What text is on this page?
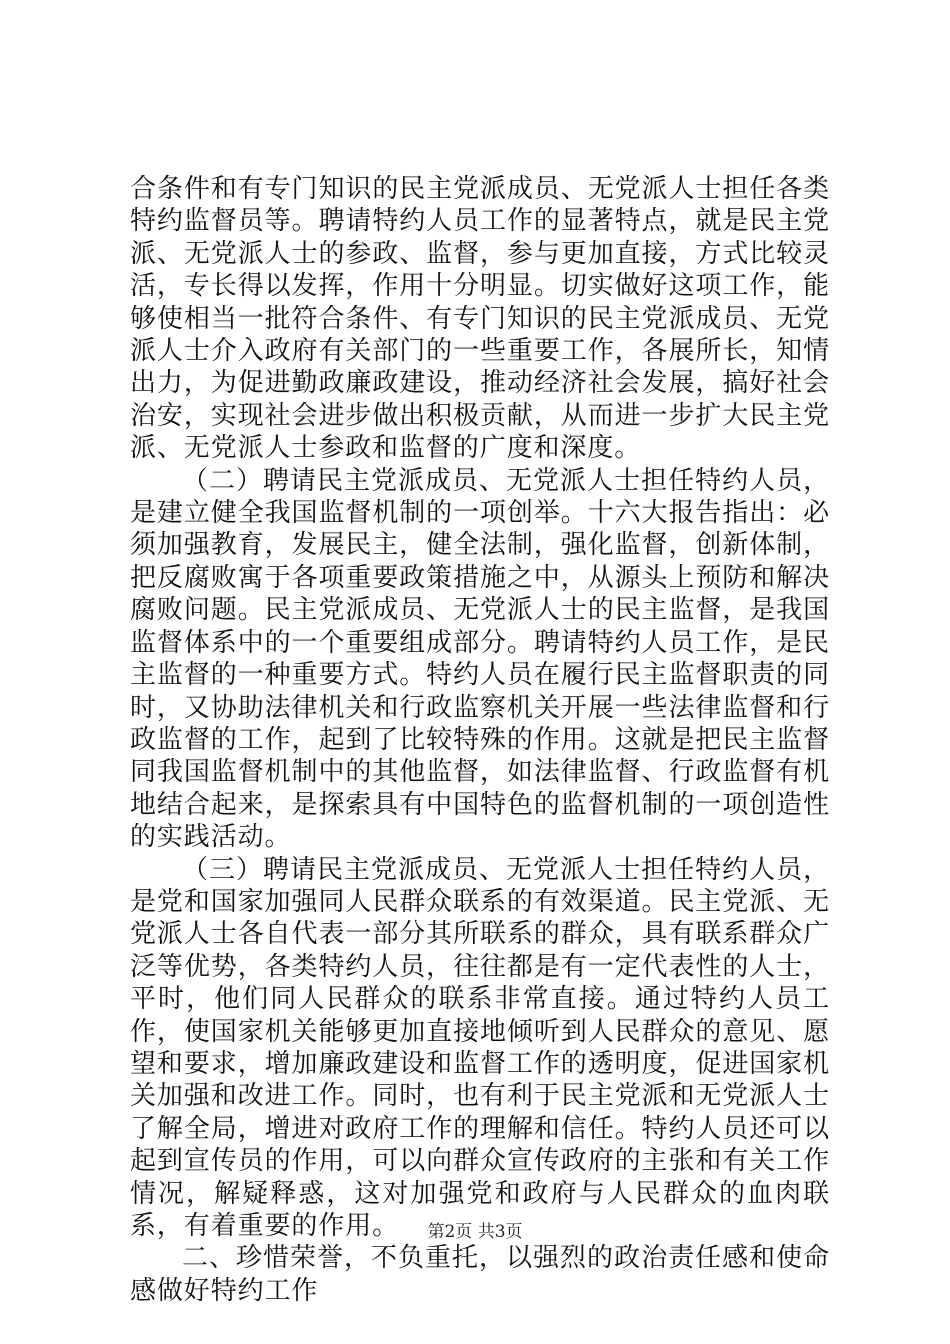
合条件和有专门知识的民主党派成员、无党派人士担任各类特约监督员等。聘请特约人员工作的显著特点，就是民主党派、无党派人士的参政、监督，参与更加直接，方式比较灵活，专长得以发挥，作用十分明显。切实做好这项工作，能够使相当一批符合条件、有专门知识的民主党派成员、无党派人士介入政府有关部门的一些重要工作，各展所长，知情出力，为促进勤政廉政建设，推动经济社会发展，搞好社会治安，实现社会进步做出积极贡献，从而进一步扩大民主党派、无党派人士参政和监督的广度和深度。

（二）聘请民主党派成员、无党派人士担任特约人员，是建立健全我国监督机制的一项创举。十六大报告指出：必须加强教育，发展民主，健全法制，强化监督，创新体制，把反腐败寓于各项重要政策措施之中，从源头上预防和解决腐败问题。民主党派成员、无党派人士的民主监督，是我国监督体系中的一个重要组成部分。聘请特约人员工作，是民主监督的一种重要方式。特约人员在履行民主监督职责的同时，又协助法律机关和行政监察机关开展一些法律监督和行政监督的工作，起到了比较特殊的作用。这就是把民主监督同我国监督机制中的其他监督，如法律监督、行政监督有机地结合起来，是探索具有中国特色的监督机制的一项创造性的实践活动。

（三）聘请民主党派成员、无党派人士担任特约人员，是党和国家加强同人民群众联系的有效渠道。民主党派、无党派人士各自代表一部分其所联系的群众，具有联系群众广泛等优势，各类特约人员，往往都是有一定代表性的人士，平时，他们同人民群众的联系非常直接。通过特约人员工作，使国家机关能够更加直接地倾听到人民群众的意见、愿望和要求，增加廉政建设和监督工作的透明度，促进国家机关加强和改进工作。同时，也有利于民主党派和无党派人士了解全局，增进对政府工作的理解和信任。特约人员还可以起到宣传员的作用，可以向群众宣传政府的主张和有关工作情况，解疑释惑，这对加强党和政府与人民群众的血肉联系，有着重要的作用。

二、珍惜荣誉，不负重托，以强烈的政治责任感和使命感做好特约工作

第2页 共3页
